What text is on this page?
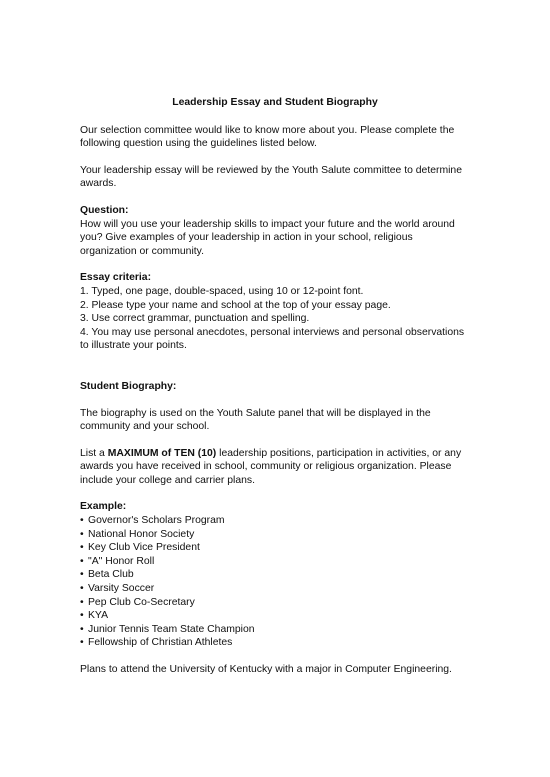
Leadership Essay and Student Biography

Our selection committee would like to know more about you. Please complete the following question using the guidelines listed below.

Your leadership essay will be reviewed by the Youth Salute committee to determine awards.

Question:
How will you use your leadership skills to impact your future and the world around you? Give examples of your leadership in action in your school, religious organization or community.
Essay criteria:
1. Typed, one page, double-spaced, using 10 or 12-point font.
2. Please type your name and school at the top of your essay page.
3. Use correct grammar, punctuation and spelling.
4. You may use personal anecdotes, personal interviews and personal observations to illustrate your points.

Student Biography:

The biography is used on the Youth Salute panel that will be displayed in the community and your school.

List a MAXIMUM of TEN (10) leadership positions, participation in activities, or any awards you have received in school, community or religious organization. Please include your college and carrier plans.

Example:
• Governor's Scholars Program
• National Honor Society
• Key Club Vice President
• "A" Honor Roll
• Beta Club
• Varsity Soccer
• Pep Club Co-Secretary
• KYA
• Junior Tennis Team State Champion
• Fellowship of Christian Athletes

Plans to attend the University of Kentucky with a major in Computer Engineering.
